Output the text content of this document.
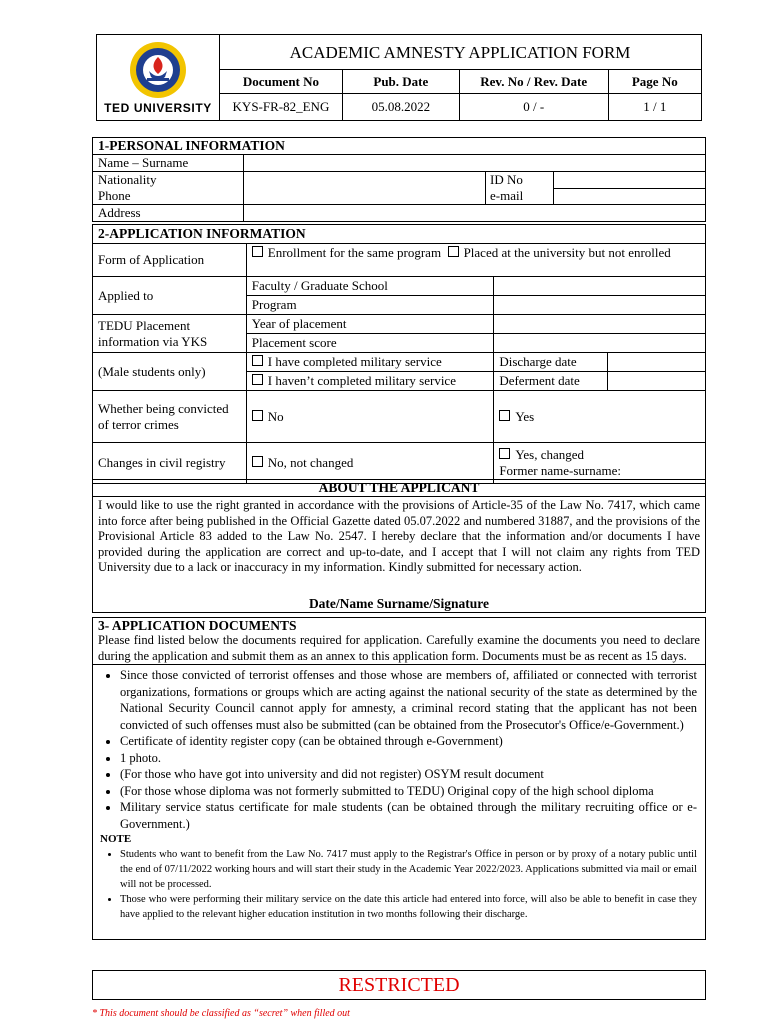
TED UNIVERSITY
ACADEMIC AMNESTY APPLICATION FORM
Document No	Pub. Date	Rev. No / Rev. Date	Page No
KYS-FR-82_ENG	05.08.2022	0 / -	1 / 1
1-PERSONAL INFORMATION
Name – Surname
Nationality	ID No
Phone	e-mail
Address
2-APPLICATION INFORMATION			
Form of Application	Enrollment for the same program Placed at the university but not enrolled		
Applied to	Faculty / Graduate School		
	Program		
TEDU Placement information via YKS	Year of placement		
	Placement score		
(Male students only)	I have completed military service	Discharge date	
	I haven’t completed military service	Deferment date	
Whether being convicted of terror crimes	No	Yes	
Changes in civil registry	No, not changed	Yes, changed
Former name-surname:	
ABOUT THE APPLICANT
I would like to use the right granted in accordance with the provisions of Article-35 of the Law No. 7417, which came into force after being published in the Official Gazette dated 05.07.2022 and numbered 31887, and the provisions of the Provisional Article 83 added to the Law No. 2547. I hereby declare that the information and/or documents I have provided during the application are correct and up-to-date, and I accept that I will not claim any rights from TED University due to a lack or inaccuracy in my information. Kindly submitted for necessary action.
Date/Name Surname/Signature
3- APPLICATION DOCUMENTS
Please find listed below the documents required for application. Carefully examine the documents you need to declare during the application and submit them as an annex to this application form. Documents must be as recent as 15 days.
• Since those convicted of terrorist offenses and those whose are members of, affiliated or connected with terrorist organizations, formations or groups which are acting against the national security of the state as determined by the National Security Council cannot apply for amnesty, a criminal record stating that the applicant has not been convicted of such offenses must also be submitted (can be obtained from the Prosecutor's Office/e-Government.)
• Certificate of identity register copy (can be obtained through e-Government)
• 1 photo.
• (For those who have got into university and did not register) OSYM result document
• (For those whose diploma was not formerly submitted to TEDU) Original copy of the high school diploma
• Military service status certificate for male students (can be obtained through the military recruiting office or e-Government.)
NOTE
• Students who want to benefit from the Law No. 7417 must apply to the Registrar's Office in person or by proxy of a notary public until the end of 07/11/2022 working hours and will start their study in the Academic Year 2022/2023. Applications submitted via mail or email will not be processed.
• Those who were performing their military service on the date this article had entered into force, will also be able to benefit in case they have applied to the relevant higher education institution in two months following their discharge.
RESTRICTED
* This document should be classified as “secret” when filled out
